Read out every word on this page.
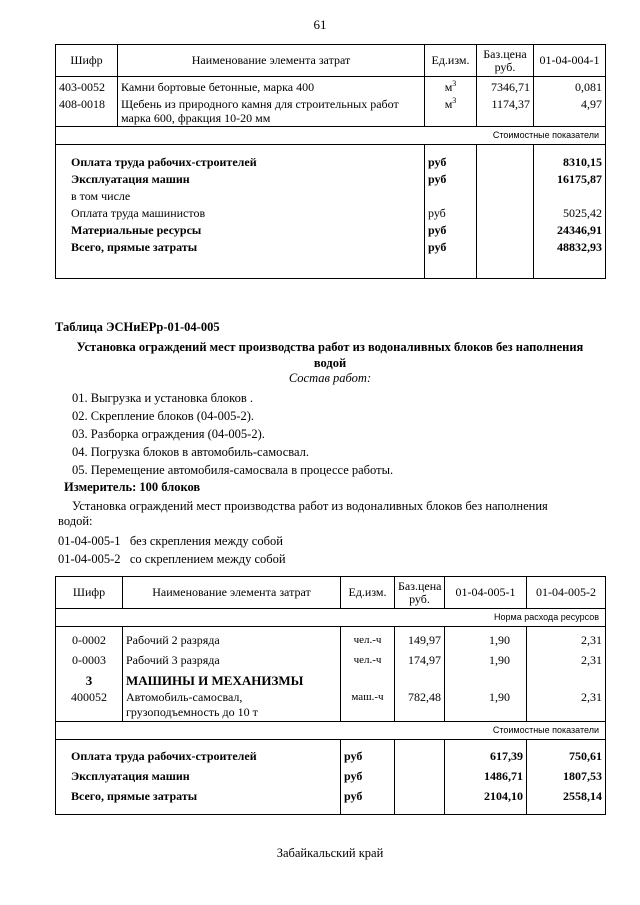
61
Шифр	Наименование элемента затрат	Ед.изм.	Баз.цена руб.	01-04-004-1
403-0052	Камни бортовые бетонные, марка 400	$м^3$	7346,71	0,081
408-0018	Щебень из природного камня для строительных работ
марка 600, фракция 10-20 мм	$м^3$	1174,37	4,97
Стоимостные показатели				

Оплата труда рабочих-строителей		руб		8310,15
Эксплуатация машин		руб		16175,87
в том числе				
Оплата труда машинистов		руб		5025,42
Материальные ресурсы		руб		24346,91
Всего, прямые затраты		руб		48832,93
Таблица ЭСНиЕРр-01-04-005
Установка ограждений мест производства работ из водоналивных блоков без наполнения
водой
Состав работ:
01. Выгрузка и установка блоков .
02. Скрепление блоков (04-005-2).
03. Разборка ограждения (04-005-2).
04. Погрузка блоков в автомобиль-самосвал.
05. Перемещение автомобиля-самосвала в процессе работы.
Измеритель: 100 блоков
Установка ограждений мест производства работ из водоналивных блоков без наполнения
водой:
01-04-005-1 без скрепления между собой
01-04-005-2 со скреплением между собой
Шифр	Наименование элемента затрат	Ед.изм.	Баз.цена руб.	01-04-005-1	01-04-005-2
Норма расхода ресурсов					
0-0002	Рабочий 2 разряда	чел.-ч	149,97	1,90	2,31
0-0003	Рабочий 3 разряда	чел.-ч	174,97	1,90	2,31
3	МАШИНЫ И МЕХАНИЗМЫ				
400052	Автомобиль-самосвал,
грузоподъемность до 10 т	маш.-ч	782,48	1,90	2,31
Стоимостные показатели					

Оплата труда рабочих-строителей		руб		617,39	750,61
Эксплуатация машин		руб		1486,71	1807,53
Всего, прямые затраты		руб		2104,10	2558,14
Забайкальский край
